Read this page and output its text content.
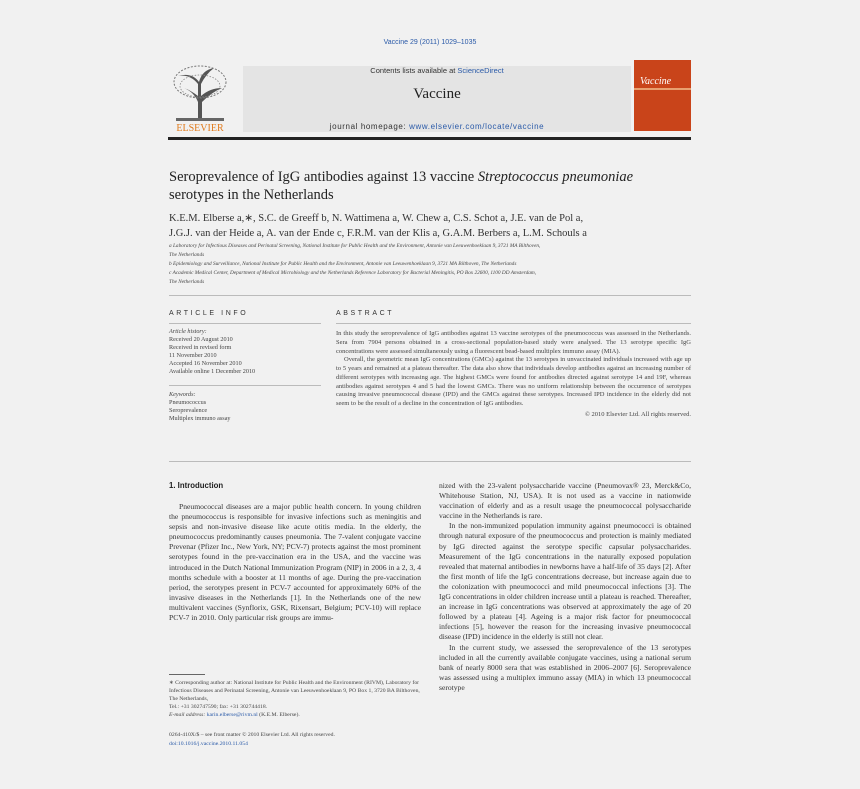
Vaccine 29 (2011) 1029–1035
ELSEVIER
Contents lists available at ScienceDirect
Vaccine
journal homepage: www.elsevier.com/locate/vaccine
Vaccine
Seroprevalence of IgG antibodies against 13 vaccine Streptococcus pneumoniae serotypes in the Netherlands
K.E.M. Elberse a,∗, S.C. de Greeff b, N. Wattimena a, W. Chew a, C.S. Schot a, J.E. van de Pol a,
J.G.J. van der Heide a, A. van der Ende c, F.R.M. van der Klis a, G.A.M. Berbers a, L.M. Schouls a
a Laboratory for Infectious Diseases and Perinatal Screening, National Institute for Public Health and the Environment, Antonie van Leeuwenhoeklaan 9, 3721 MA Bilthoven,
The Netherlands
b Epidemiology and Surveillance, National Institute for Public Health and the Environment, Antonie van Leeuwenhoeklaan 9, 3721 MA Bilthoven, The Netherlands
c Academic Medical Center, Department of Medical Microbiology and the Netherlands Reference Laboratory for Bacterial Meningitis, PO Box 22600, 1100 DD Amsterdam,
The Netherlands
ARTICLE INFO
Article history:
Received 20 August 2010
Received in revised form
11 November 2010
Accepted 16 November 2010
Available online 1 December 2010
Keywords:
Pneumococcus
Seroprevalence
Multiplex immuno assay
ABSTRACT

In this study the seroprevalence of IgG antibodies against 13 vaccine serotypes of the pneumococcus was assessed in the Netherlands. Sera from 7904 persons obtained in a cross-sectional population-based study were analysed. The 13 serotype specific IgG concentrations were assessed simultaneously using a fluorescent bead-based multiplex immuno assay (MIA).

Overall, the geometric mean IgG concentrations (GMCs) against the 13 serotypes in unvaccinated individuals increased with age up to 5 years and remained at a plateau thereafter. The data also show that individuals develop antibodies against an increasing number of different serotypes with increasing age. The highest GMCs were found for antibodies directed against serotype 14 and 19F, whereas antibodies against serotypes 4 and 5 had the lowest GMCs. There was no uniform relationship between the occurrence of serotypes causing invasive pneumococcal disease (IPD) and the GMCs against these serotypes. Increased IPD incidence in the elderly did not seem to be the result of a decline in the concentration of IgG antibodies.

© 2010 Elsevier Ltd. All rights reserved.

1. Introduction

Pneumococcal diseases are a major public health concern. In young children the pneumococcus is responsible for invasive infections such as meningitis and sepsis and non-invasive disease like acute otitis media. In the elderly, the pneumococcus predominantly causes pneumonia. The 7-valent conjugate vaccine Prevenar (Pfizer Inc., New York, NY; PCV-7) protects against the most prominent serotypes found in the pre-vaccination era in the USA, and the vaccine was introduced in the Dutch National Immunization Program (NIP) in 2006 in a 2, 3, 4 months schedule with a booster at 11 months of age. During the pre-vaccination period, the serotypes present in PCV-7 accounted for approximately 60% of the invasive diseases in the Netherlands [1]. In the Netherlands one of the new multivalent vaccines (Synflorix, GSK, Rixensart, Belgium; PCV-10) will replace PCV-7 in 2010. Only particular risk groups are immu-

nized with the 23-valent polysaccharide vaccine (Pneumovax® 23, Merck&Co, Whitehouse Station, NJ, USA). It is not used as a vaccine in nationwide vaccination of elderly and as a result usage the pneumococcal polysaccharide vaccine in the Netherlands is rare.

In the non-immunized population immunity against pneumococci is obtained through natural exposure of the pneumococcus and protection is mainly mediated by IgG directed against the serotype specific capsular polysaccharides. Measurement of the IgG concentrations in the naturally exposed population revealed that maternal antibodies in newborns have a half-life of 35 days [2]. After the first month of life the IgG concentrations decrease, but increase again due to the colonization with pneumococci and mild pneumococcal infections [3]. The IgG concentrations in older children increase until a plateau is reached. Thereafter, an increase in IgG concentrations was observed at approximately the age of 20 followed by a plateau [4]. Ageing is a major risk factor for pneumococcal infections [5], however the reason for the increasing invasive pneumococcal disease (IPD) incidence in the elderly is still not clear.

In the current study, we assessed the seroprevalence of the 13 serotypes included in all the currently available conjugate vaccines, using a national serum bank of nearly 8000 sera that was established in 2006–2007 [6]. Seroprevalence was assessed using a multiplex immuno assay (MIA) in which 13 pneumococcal serotype

∗ Corresponding author at: National Institute for Public Health and the Environment (RIVM), Laboratory for Infectious Diseases and Perinatal Screening, Antonie van Leeuwenhoeklaan 9, PO Box 1, 3720 BA Bilthoven, The Netherlands,
Tel.: +31 302747590; fax: +31 302744418.
E-mail address: karin.elberse@rivm.nl (K.E.M. Elberse).
0264-410X/$ – see front matter © 2010 Elsevier Ltd. All rights reserved.
doi:10.1016/j.vaccine.2010.11.054
